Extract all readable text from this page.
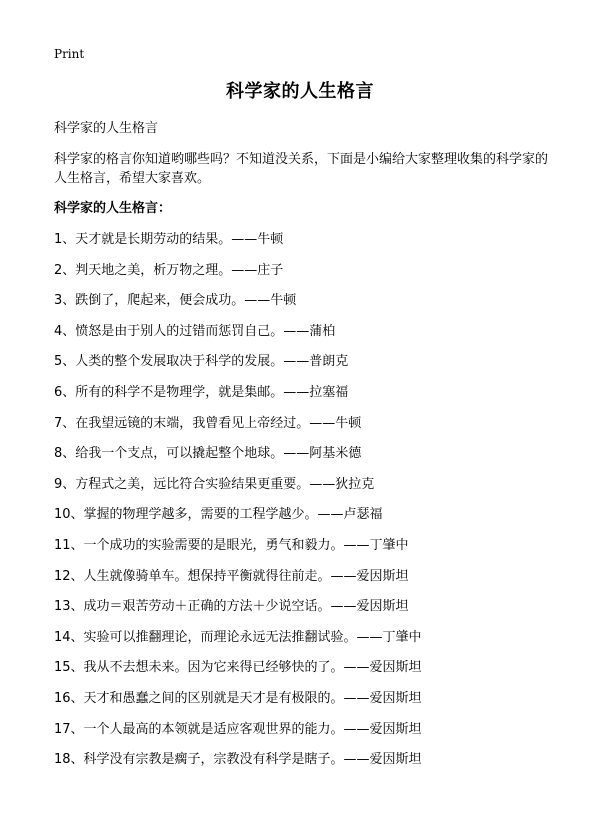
Print
科学家的人生格言
科学家的人生格言
科学家的格言你知道哟哪些吗？不知道没关系，下面是小编给大家整理收集的科学家的人生格言，希望大家喜欢。
科学家的人生格言：
1、天才就是长期劳动的结果。——牛顿
2、判天地之美，析万物之理。——庄子
3、跌倒了，爬起来，便会成功。——牛顿
4、愤怒是由于别人的过错而惩罚自己。——蒲柏
5、人类的整个发展取决于科学的发展。——普朗克
6、所有的科学不是物理学，就是集邮。——拉塞福
7、在我望远镜的末端，我曾看见上帝经过。——牛顿
8、给我一个支点，可以撬起整个地球。——阿基米德
9、方程式之美，远比符合实验结果更重要。——狄拉克
10、掌握的物理学越多，需要的工程学越少。——卢瑟福
11、一个成功的实验需要的是眼光，勇气和毅力。——丁肇中
12、人生就像骑单车。想保持平衡就得往前走。——爱因斯坦
13、成功＝艰苦劳动＋正确的方法＋少说空话。——爱因斯坦
14、实验可以推翻理论，而理论永远无法推翻试验。——丁肇中
15、我从不去想未来。因为它来得已经够快的了。——爱因斯坦
16、天才和愚蠢之间的区别就是天才是有极限的。——爱因斯坦
17、一个人最高的本领就是适应客观世界的能力。——爱因斯坦
18、科学没有宗教是瘸子，宗教没有科学是瞎子。——爱因斯坦
